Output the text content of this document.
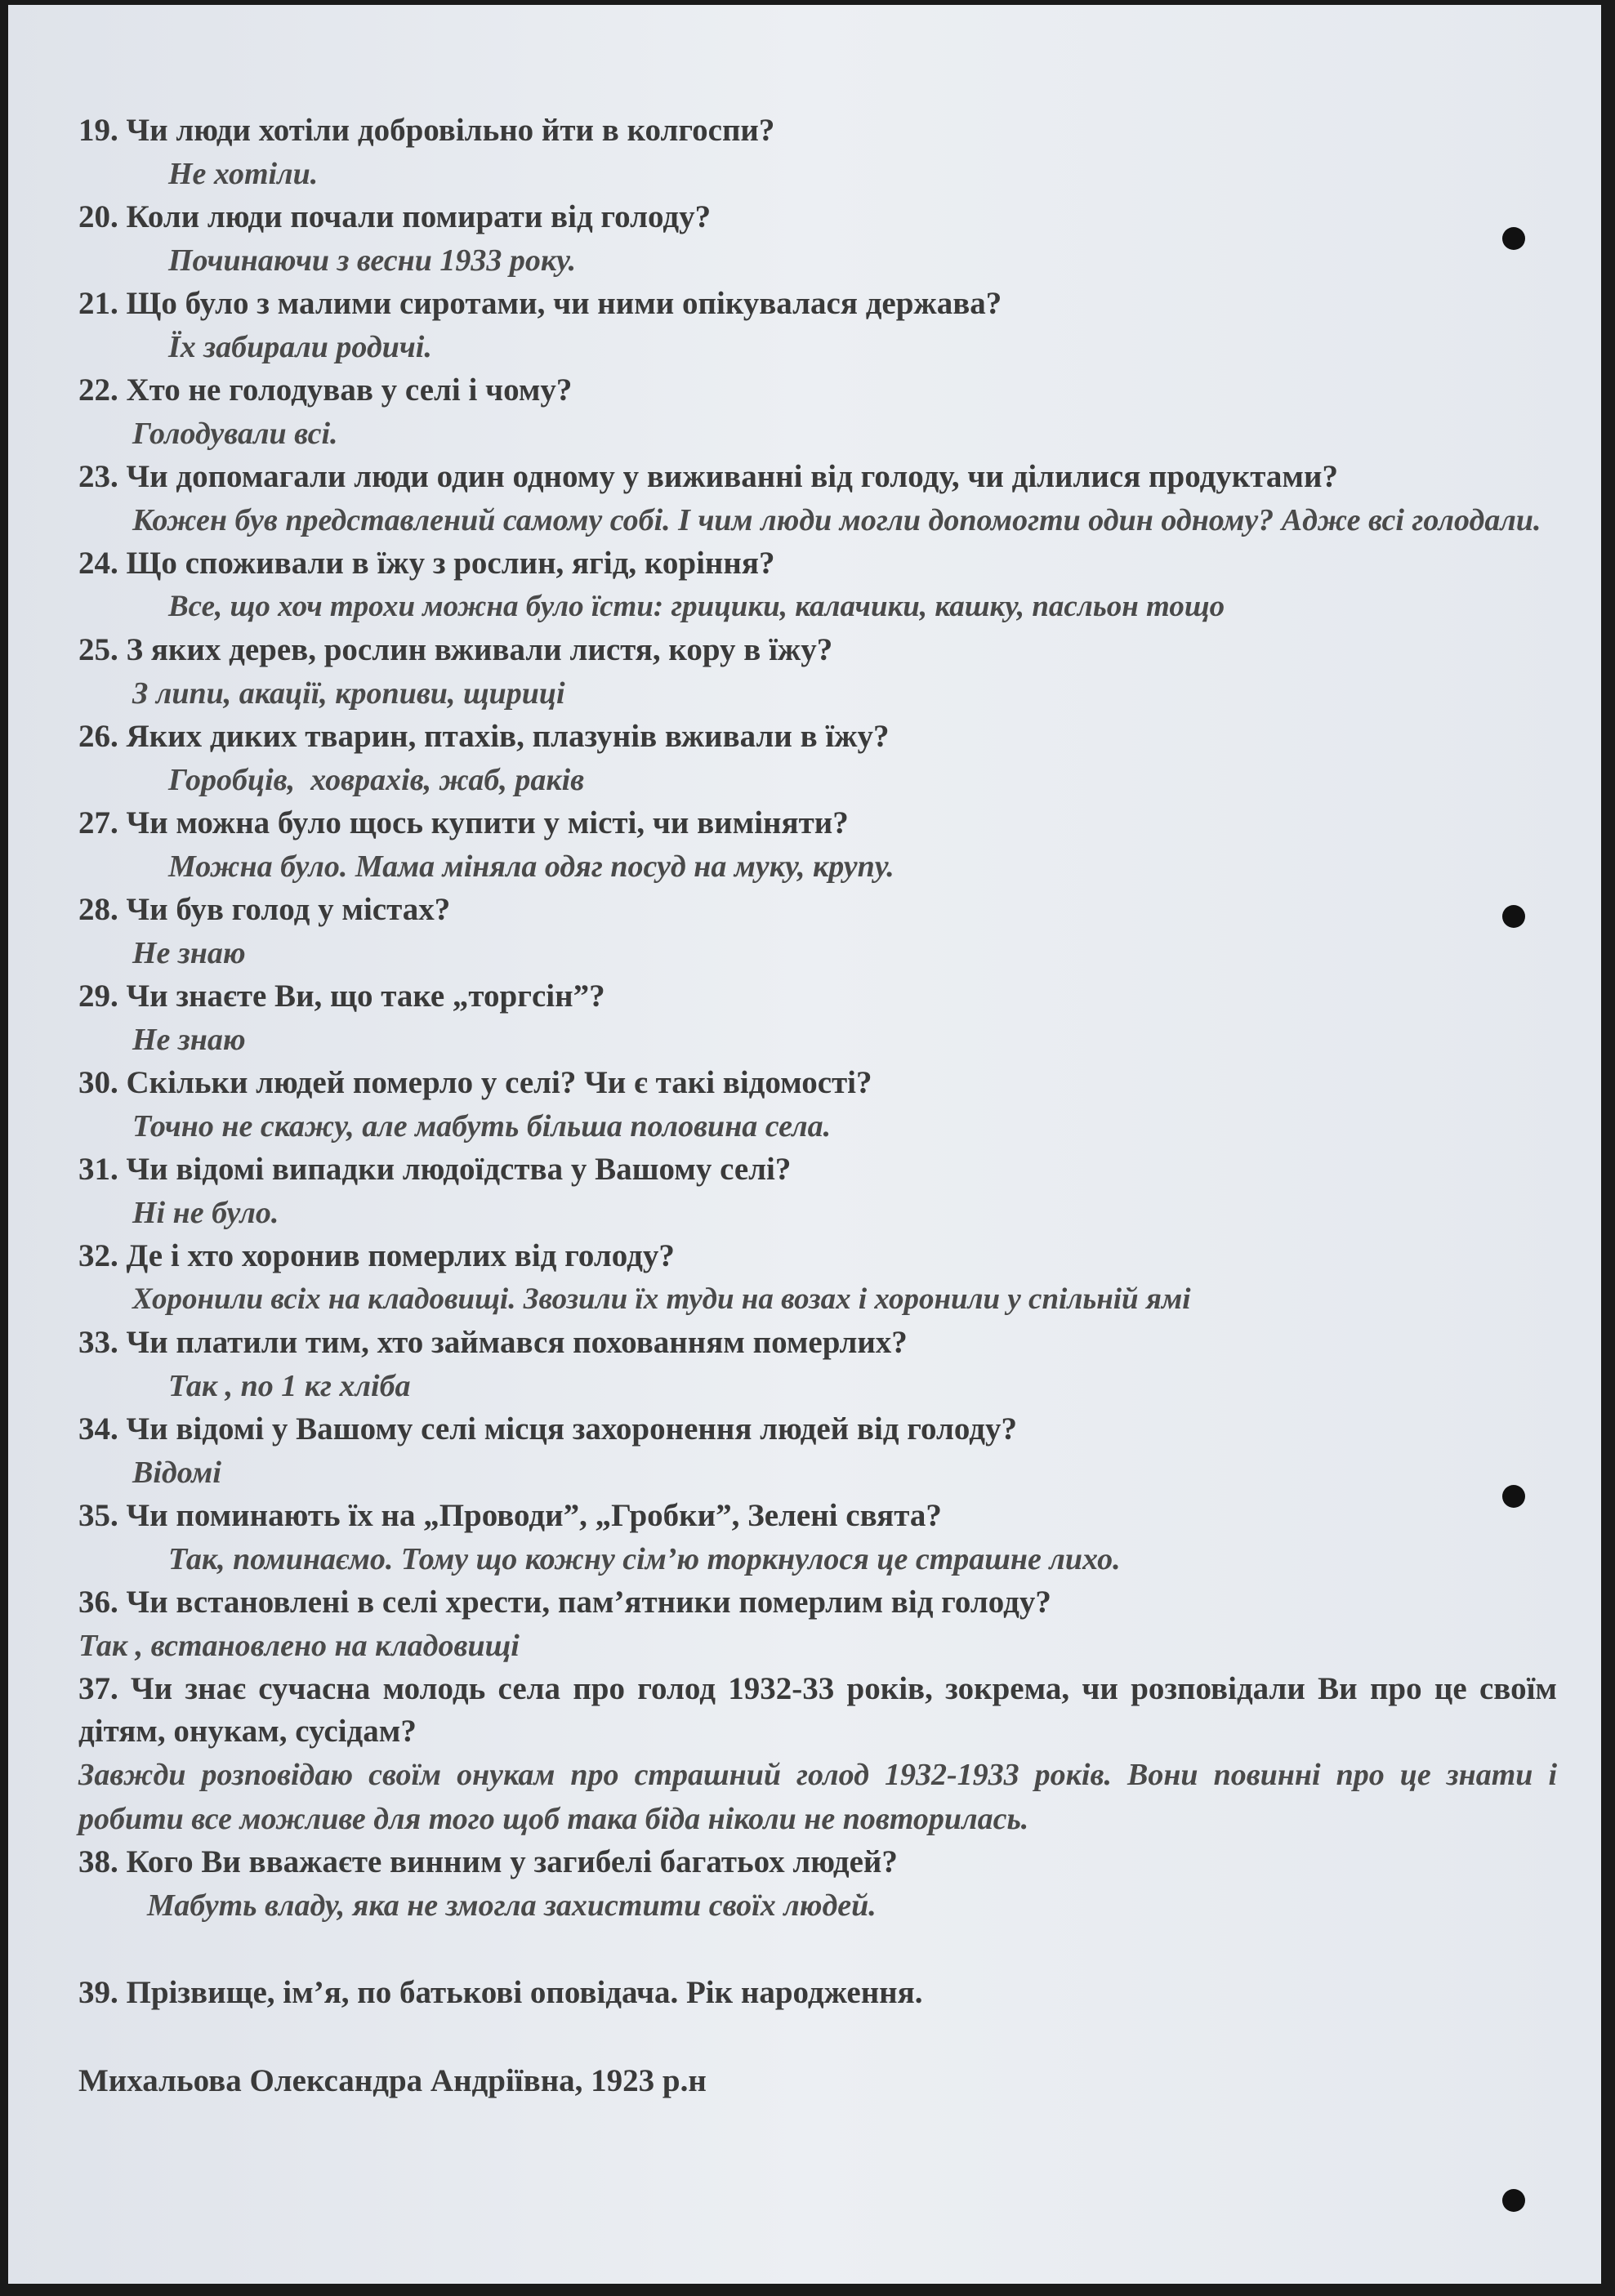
19. Чи люди хотіли добровільно йти в колгоспи?
Не хотіли.
20. Коли люди почали помирати від голоду?
Починаючи з весни 1933 року.
21. Що було з малими сиротами, чи ними опікувалася держава?
Їх забирали родичі.
22. Хто не голодував у селі і чому?
Голодували всі.
23. Чи допомагали люди один одному у виживанні від голоду, чи ділилися продуктами?
Кожен був представлений самому собі. І чим люди могли допомогти один одному? Адже всі голодали.
24. Що споживали в їжу з рослин, ягід, коріння?
Все, що хоч трохи можна було їсти: грицики, калачики, кашку, пасльон тощо
25. З яких дерев, рослин вживали листя, кору в їжу?
З липи, акації, кропиви, щириці
26. Яких диких тварин, птахів, плазунів вживали в їжу?
Горобців,  ховрахів, жаб, раків
27. Чи можна було щось купити у місті, чи виміняти?
Можна було. Мама міняла одяг посуд на муку, крупу.
28. Чи був голод у містах?
Не знаю
29. Чи знаєте Ви, що таке „торгсін”?
Не знаю
30. Скільки людей померло у селі? Чи є такі відомості?
Точно не скажу, але мабуть більша половина села.
31. Чи відомі випадки людоїдства у Вашому селі?
Ні не було.
32. Де і хто хоронив померлих від голоду?
Хоронили всіх на кладовищі. Звозили їх туди на возах і хоронили у спільній ямі
33. Чи платили тим, хто займався похованням померлих?
Так , по 1 кг хліба
34. Чи відомі у Вашому селі місця захоронення людей від голоду?
Відомі
35. Чи поминають їх на „Проводи”, „Гробки”, Зелені свята?
Так, поминаємо. Тому що кожну сім’ю торкнулося це страшне лихо.
36. Чи встановлені в селі хрести, пам’ятники померлим від голоду?
Так , встановлено на кладовищі
37. Чи знає сучасна молодь села про голод 1932-33 років, зокрема, чи розповідали Ви про це своїм дітям, онукам, сусідам?
Завжди розповідаю своїм онукам про страшний голод 1932-1933 років. Вони повинні про це знати і робити все можливе для того щоб така біда ніколи не повторилась.
38. Кого Ви вважаєте винним у загибелі багатьох людей?
Мабуть владу, яка не змогла захистити своїх людей.
39. Прізвище, ім’я, по батькові оповідача. Рік народження.
Михальова Олександра Андріївна, 1923 р.н
